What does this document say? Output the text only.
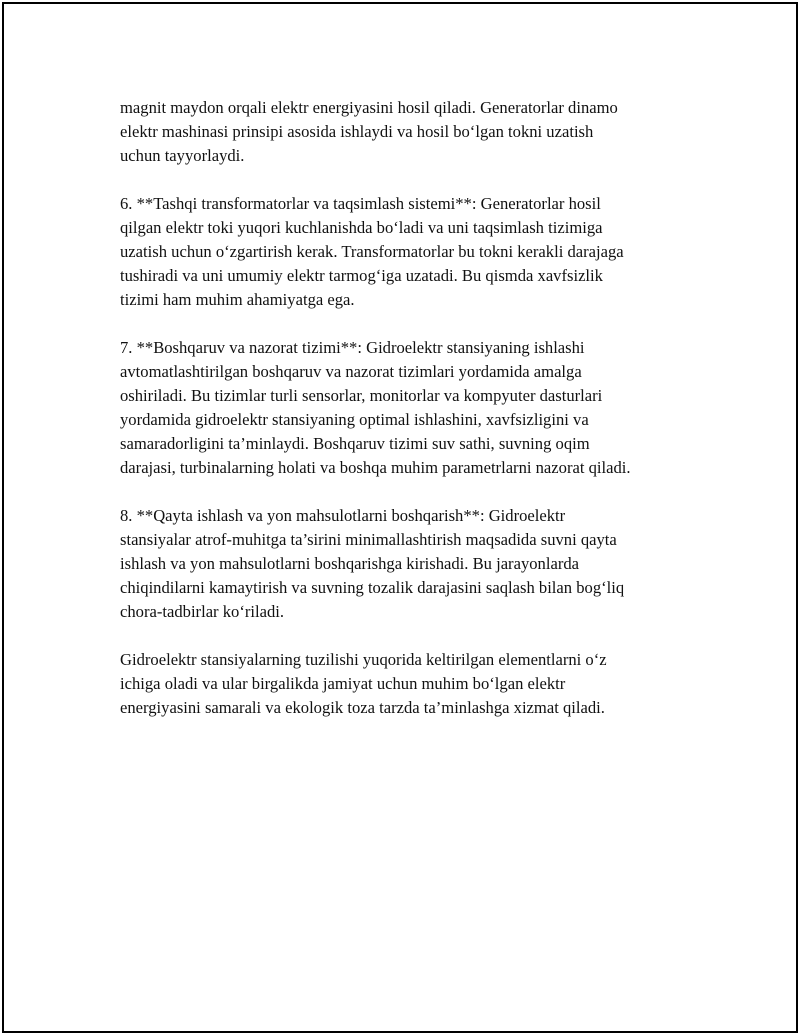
magnit maydon orqali elektr energiyasini hosil qiladi. Generatorlar dinamo
elektr mashinasi prinsipi asosida ishlaydi va hosil bo‘lgan tokni uzatish
uchun tayyorlaydi.
6. **Tashqi transformatorlar va taqsimlash sistemi**: Generatorlar hosil
qilgan elektr toki yuqori kuchlanishda bo‘ladi va uni taqsimlash tizimiga
uzatish uchun o‘zgartirish kerak. Transformatorlar bu tokni kerakli darajaga
tushiradi va uni umumiy elektr tarmog‘iga uzatadi. Bu qismda xavfsizlik
tizimi ham muhim ahamiyatga ega.
7. **Boshqaruv va nazorat tizimi**: Gidroelektr stansiyaning ishlashi
avtomatlashtirilgan boshqaruv va nazorat tizimlari yordamida amalga
oshiriladi. Bu tizimlar turli sensorlar, monitorlar va kompyuter dasturlari
yordamida gidroelektr stansiyaning optimal ishlashini, xavfsizligini va
samaradorligini ta’minlaydi. Boshqaruv tizimi suv sathi, suvning oqim
darajasi, turbinalarning holati va boshqa muhim parametrlarni nazorat qiladi.
8. **Qayta ishlash va yon mahsulotlarni boshqarish**: Gidroelektr
stansiyalar atrof-muhitga ta’sirini minimallashtirish maqsadida suvni qayta
ishlash va yon mahsulotlarni boshqarishga kirishadi. Bu jarayonlarda
chiqindilarni kamaytirish va suvning tozalik darajasini saqlash bilan bog‘liq
chora-tadbirlar ko‘riladi.
Gidroelektr stansiyalarning tuzilishi yuqorida keltirilgan elementlarni o‘z
ichiga oladi va ular birgalikda jamiyat uchun muhim bo‘lgan elektr
energiyasini samarali va ekologik toza tarzda ta’minlashga xizmat qiladi.
